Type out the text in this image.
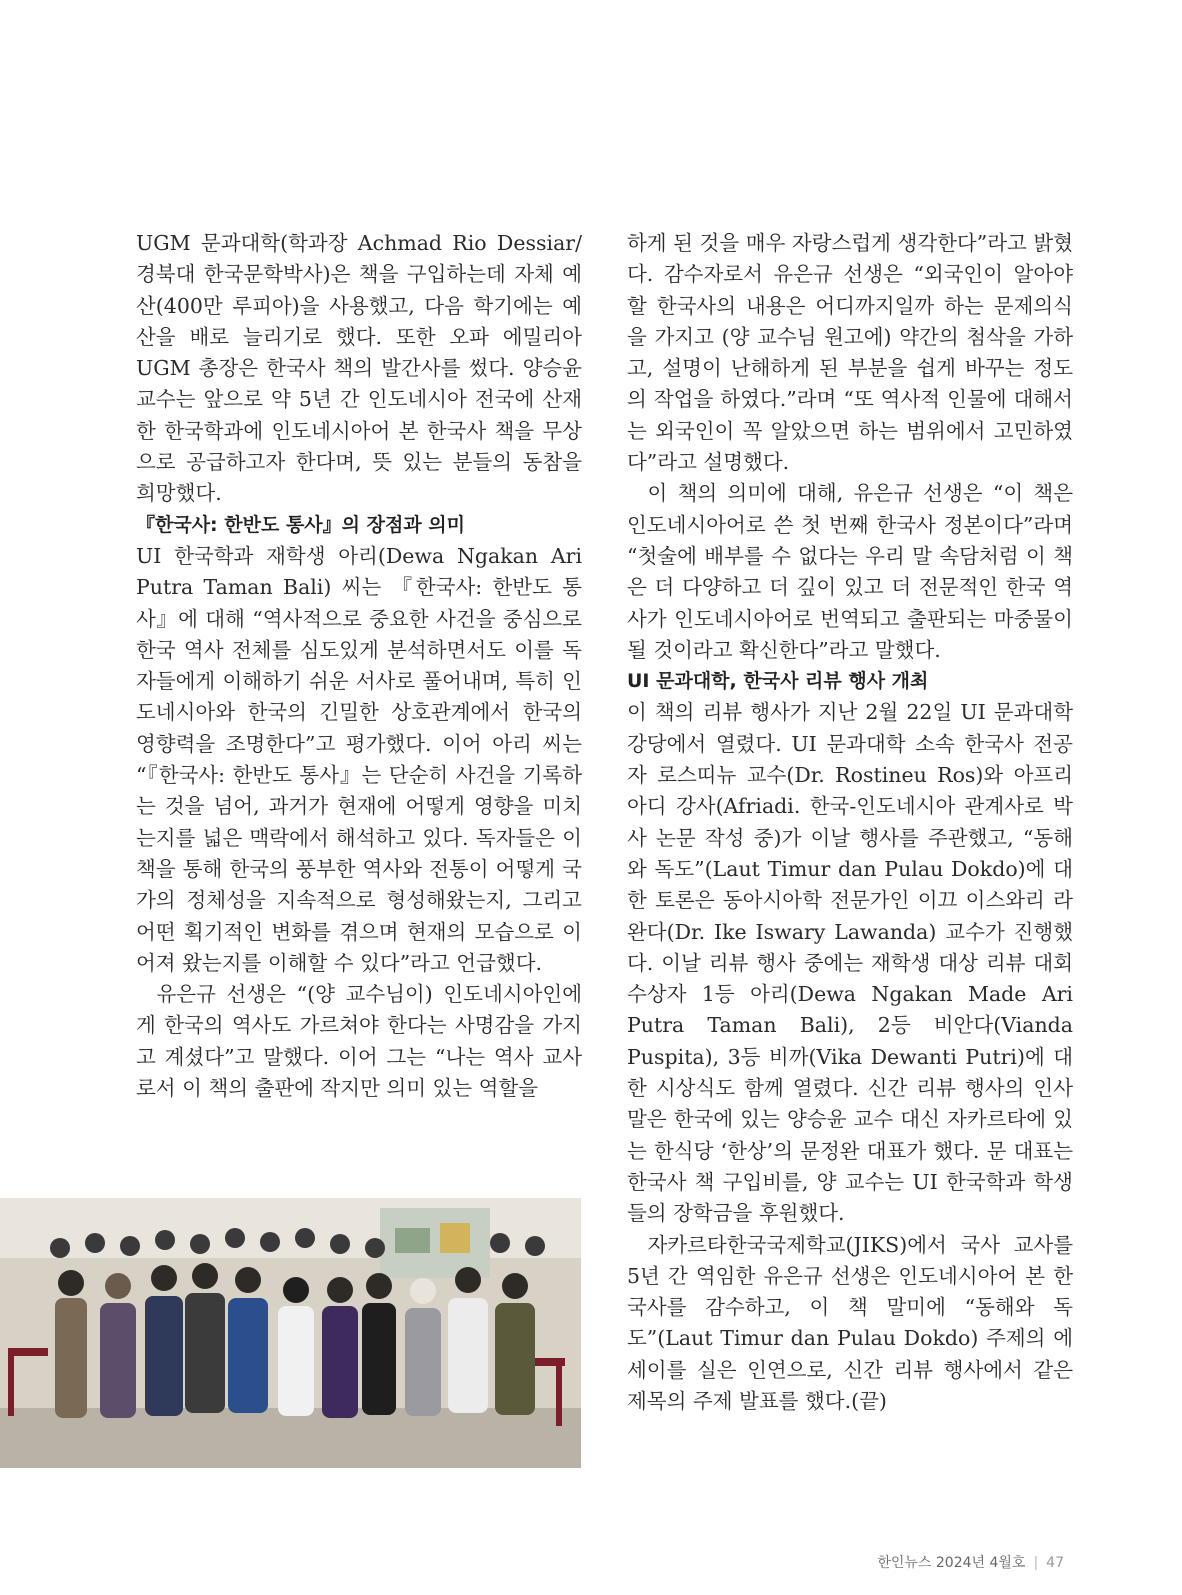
UGM 문과대학(학과장 Achmad Rio Dessiar/경북대 한국문학박사)은 책을 구입하는데 자체 예산(400만 루피아)을 사용했고, 다음 학기에는 예산을 배로 늘리기로 했다. 또한 오파 에밀리아 UGM 총장은 한국사 책의 발간사를 썼다. 양승윤 교수는 앞으로 약 5년 간 인도네시아 전국에 산재한 한국학과에 인도네시아어 본 한국사 책을 무상으로 공급하고자 한다며, 뜻 있는 분들의 동참을 희망했다.

『한국사: 한반도 통사』의 장점과 의미

UI 한국학과 재학생 아리(Dewa Ngakan Ari Putra Taman Bali) 씨는 『한국사: 한반도 통사』에 대해 “역사적으로 중요한 사건을 중심으로 한국 역사 전체를 심도있게 분석하면서도 이를 독자들에게 이해하기 쉬운 서사로 풀어내며, 특히 인도네시아와 한국의 긴밀한 상호관계에서 한국의 영향력을 조명한다”고 평가했다. 이어 아리 씨는 “『한국사: 한반도 통사』는 단순히 사건을 기록하는 것을 넘어, 과거가 현재에 어떻게 영향을 미치는지를 넓은 맥락에서 해석하고 있다. 독자들은 이 책을 통해 한국의 풍부한 역사와 전통이 어떻게 국가의 정체성을 지속적으로 형성해왔는지, 그리고 어떤 획기적인 변화를 겪으며 현재의 모습으로 이어져 왔는지를 이해할 수 있다”라고 언급했다.

유은규 선생은 “(양 교수님이) 인도네시아인에게 한국의 역사도 가르쳐야 한다는 사명감을 가지고 계셨다”고 말했다. 이어 그는 “나는 역사 교사로서 이 책의 출판에 작지만 의미 있는 역할을

하게 된 것을 매우 자랑스럽게 생각한다”라고 밝혔다. 감수자로서 유은규 선생은 “외국인이 알아야 할 한국사의 내용은 어디까지일까 하는 문제의식을 가지고 (양 교수님 원고에) 약간의 첨삭을 가하고, 설명이 난해하게 된 부분을 쉽게 바꾸는 정도의 작업을 하였다.”라며 “또 역사적 인물에 대해서는 외국인이 꼭 알았으면 하는 범위에서 고민하였다”라고 설명했다.

이 책의 의미에 대해, 유은규 선생은 “이 책은 인도네시아어로 쓴 첫 번째 한국사 정본이다”라며 “첫술에 배부를 수 없다는 우리 말 속담처럼 이 책은 더 다양하고 더 깊이 있고 더 전문적인 한국 역사가 인도네시아어로 번역되고 출판되는 마중물이 될 것이라고 확신한다”라고 말했다.

UI 문과대학, 한국사 리뷰 행사 개최

이 책의 리뷰 행사가 지난 2월 22일 UI 문과대학 강당에서 열렸다. UI 문과대학 소속 한국사 전공자 로스띠뉴 교수(Dr. Rostineu Ros)와 아프리아디 강사(Afriadi. 한국-인도네시아 관계사로 박사 논문 작성 중)가 이날 행사를 주관했고, “동해와 독도”(Laut Timur dan Pulau Dokdo)에 대한 토론은 동아시아학 전문가인 이끄 이스와리 라완다(Dr. Ike Iswary Lawanda) 교수가 진행했다. 이날 리뷰 행사 중에는 재학생 대상 리뷰 대회 수상자 1등 아리(Dewa Ngakan Made Ari Putra Taman Bali), 2등 비안다(Vianda Puspita), 3등 비까(Vika Dewanti Putri)에 대한 시상식도 함께 열렸다. 신간 리뷰 행사의 인사말은 한국에 있는 양승윤 교수 대신 자카르타에 있는 한식당 ‘한상’의 문정완 대표가 했다. 문 대표는 한국사 책 구입비를, 양 교수는 UI 한국학과 학생들의 장학금을 후원했다.

자카르타한국국제학교(JIKS)에서 국사 교사를 5년 간 역임한 유은규 선생은 인도네시아어 본 한국사를 감수하고, 이 책 말미에 “동해와 독도”(Laut Timur dan Pulau Dokdo) 주제의 에세이를 실은 인연으로, 신간 리뷰 행사에서 같은 제목의 주제 발표를 했다.(끝)

한인뉴스 2024년 4월호 | 47
